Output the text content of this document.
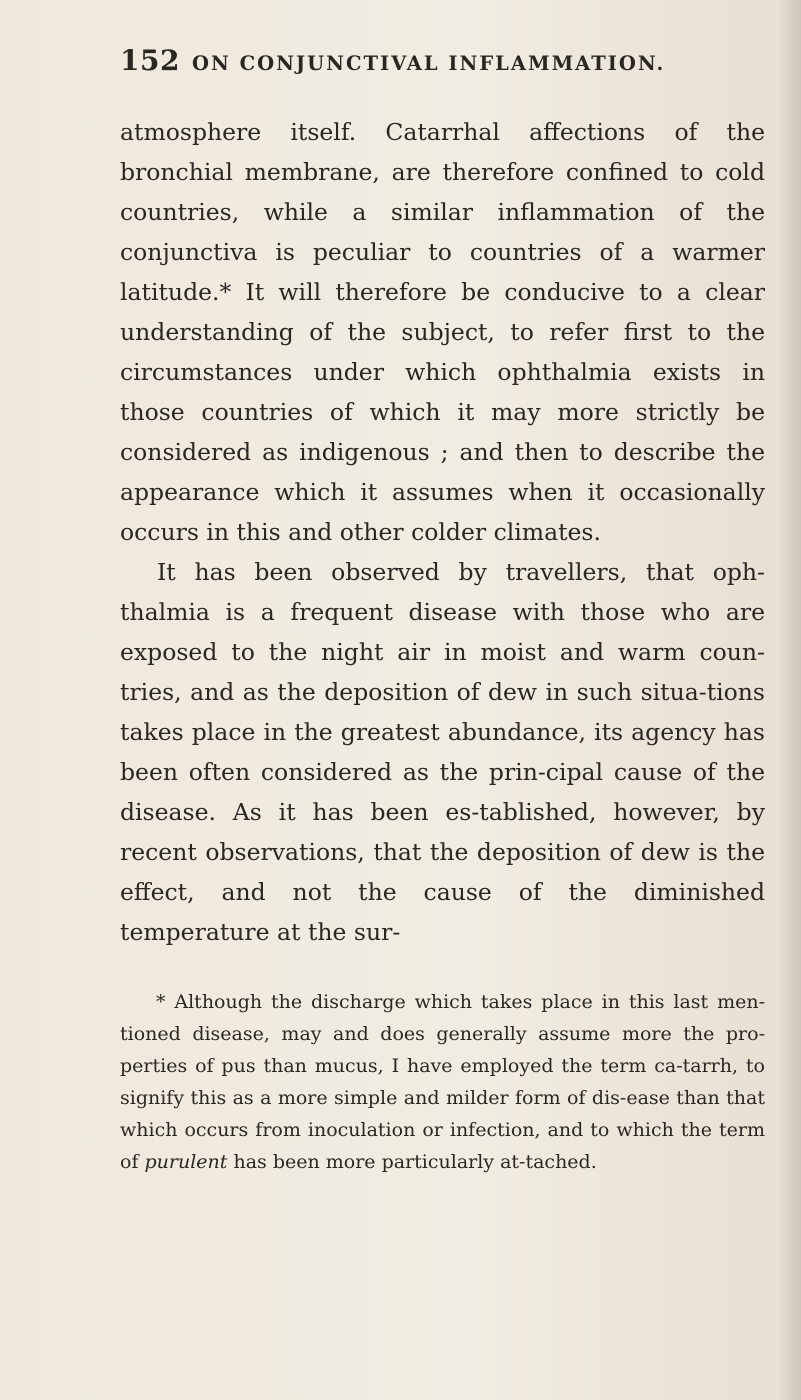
152 ON CONJUNCTIVAL INFLAMMATION.

atmosphere itself. Catarrhal affections of the bronchial membrane, are therefore confined to cold countries, while a similar inflammation of the conjunctiva is peculiar to countries of a warmer latitude.* It will therefore be conducive to a clear understanding of the subject, to refer first to the circumstances under which ophthalmia exists in those countries of which it may more strictly be considered as indigenous ; and then to describe the appearance which it assumes when it occasionally occurs in this and other colder climates.

It has been observed by travellers, that oph-thalmia is a frequent disease with those who are exposed to the night air in moist and warm coun-tries, and as the deposition of dew in such situa-tions takes place in the greatest abundance, its agency has been often considered as the prin-cipal cause of the disease. As it has been es-tablished, however, by recent observations, that the deposition of dew is the effect, and not the cause of the diminished temperature at the sur-

* Although the discharge which takes place in this last men-tioned disease, may and does generally assume more the pro-perties of pus than mucus, I have employed the term ca-tarrh, to signify this as a more simple and milder form of dis-ease than that which occurs from inoculation or infection, and to which the term of purulent has been more particularly at-tached.
